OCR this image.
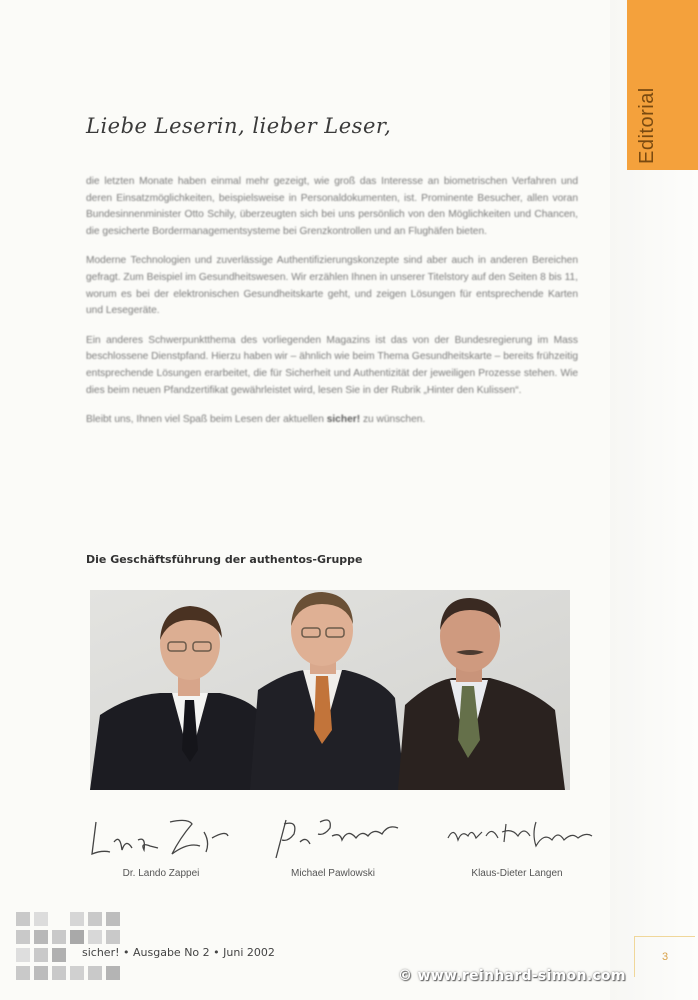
Editorial
Liebe Leserin, lieber Leser,

die letzten Monate haben einmal mehr gezeigt, wie groß das Interesse an biometrischen Verfahren und deren Einsatzmöglichkeiten, beispielsweise in Personaldokumenten, ist. Prominente Besucher, allen voran Bundesinnenminister Otto Schily, überzeugten sich bei uns persönlich von den Möglichkeiten und Chancen, die gesicherte Bordermanagementsysteme bei Grenzkontrollen und an Flughäfen bieten.

Moderne Technologien und zuverlässige Authentifizierungskonzepte sind aber auch in anderen Bereichen gefragt. Zum Beispiel im Gesundheitswesen. Wir erzählen Ihnen in unserer Titelstory auf den Seiten 8 bis 11, worum es bei der elektronischen Gesundheitskarte geht, und zeigen Lösungen für entsprechende Karten und Lesegeräte.

Ein anderes Schwerpunktthema des vorliegenden Magazins ist das von der Bundesregierung im Mass beschlossene Dienstpfand. Hierzu haben wir – ähnlich wie beim Thema Gesundheitskarte – bereits frühzeitig entsprechende Lösungen erarbeitet, die für Sicherheit und Authentizität der jeweiligen Prozesse stehen. Wie dies beim neuen Pfandzertifikat gewährleistet wird, lesen Sie in der Rubrik „Hinter den Kulissen“.

Bleibt uns, Ihnen viel Spaß beim Lesen der aktuellen sicher! zu wünschen.

Die Geschäftsführung der authentos-Gruppe
Dr. Lando Zappei	Michael Pawlowski	Klaus-Dieter Langen
sicher! • Ausgabe No 2 • Juni 2002	3
© www.reinhard-simon.com
